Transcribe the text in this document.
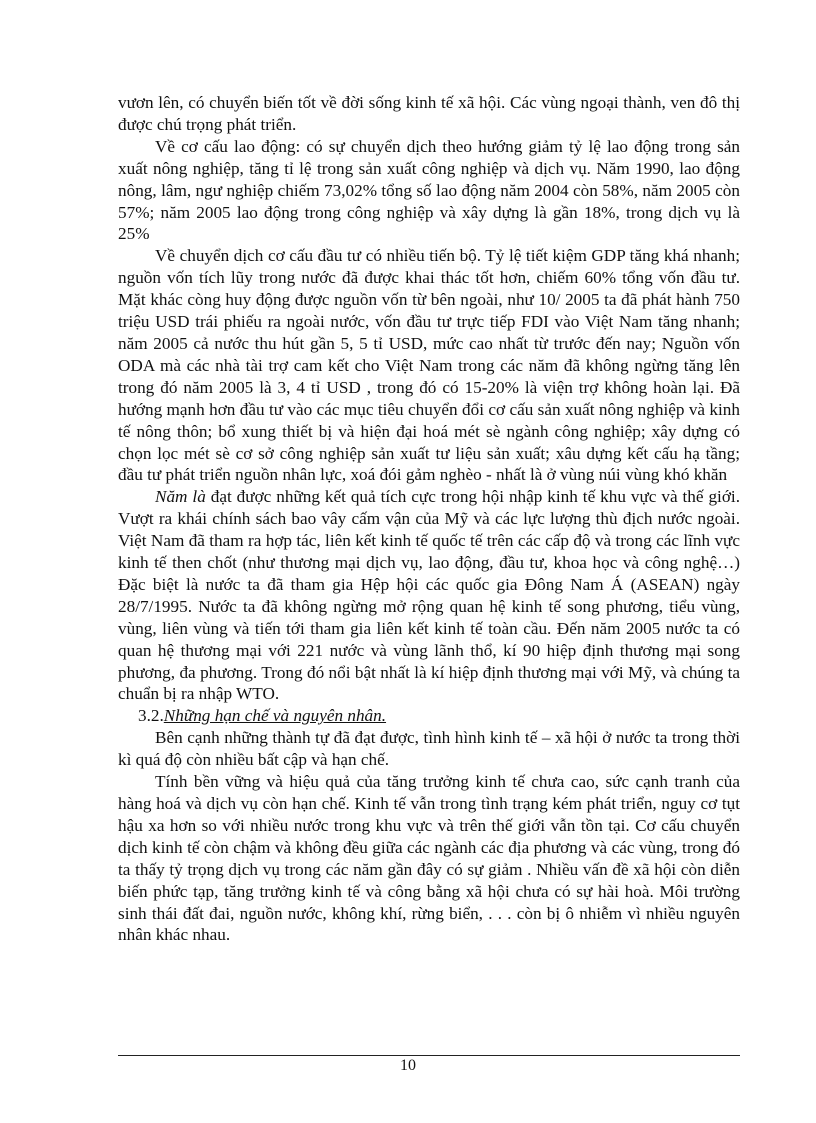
vươn lên, có chuyển biến tốt về đời sống kinh tế xã hội. Các vùng ngoại thành, ven đô thị được chú trọng phát triển.

Về cơ cấu lao động: có sự chuyển dịch theo hướng giảm tỷ lệ lao động trong sản xuất nông nghiệp, tăng tỉ lệ trong sản xuất công nghiệp và dịch vụ. Năm 1990, lao động nông, lâm, ngư nghiệp chiếm 73,02% tổng số lao động năm 2004 còn 58%, năm 2005 còn 57%; năm 2005 lao động trong công nghiệp và xây dựng là gần 18%, trong dịch vụ là 25%

Về chuyển dịch cơ cấu đầu tư có nhiều tiến bộ. Tỷ lệ tiết kiệm GDP tăng khá nhanh; nguồn vốn tích lũy trong nước đã được khai thác tốt hơn, chiếm 60% tổng vốn đầu tư. Mặt khác còng huy động được nguồn vốn từ bên ngoài, như 10/ 2005 ta đã phát hành 750 triệu USD trái phiếu ra ngoài nước, vốn đầu tư trực tiếp FDI vào Việt Nam tăng nhanh; năm 2005 cả nước thu hút gần 5, 5 tỉ USD, mức cao nhất từ trước đến nay; Nguồn vốn ODA mà các nhà tài trợ cam kết cho Việt Nam trong các năm đã không ngừng tăng lên trong đó năm 2005 là 3, 4 tỉ USD , trong đó có 15-20% là viện trợ không hoàn lại. Đã hướng mạnh hơn đầu tư vào các mục tiêu chuyển đổi cơ cấu sản xuất nông nghiệp và kinh tế nông thôn; bổ xung thiết bị và hiện đại hoá mét sè ngành công nghiệp; xây dựng có chọn lọc mét sè cơ sở công nghiệp sản xuất tư liệu sản xuất; xâu dựng kết cấu hạ tầng; đầu tư phát triển nguồn nhân lực, xoá đói gảm nghèo - nhất là ở vùng núi vùng khó khăn

Năm là đạt được những kết quả tích cực trong hội nhập kinh tế khu vực và thế giới. Vượt ra khái chính sách bao vây cấm vận của Mỹ và các lực lượng thù địch nước ngoài. Việt Nam đã tham ra hợp tác, liên kết kinh tế quốc tế trên các cấp độ và trong các lĩnh vực kinh tế then chốt (như thương mại dịch vụ, lao động, đầu tư, khoa học và công nghệ…) Đặc biệt là nước ta đã tham gia Hệp hội các quốc gia Đông Nam Á (ASEAN) ngày 28/7/1995. Nước ta đã không ngừng mở rộng quan hệ kinh tế song phương, tiểu vùng, vùng, liên vùng và tiến tới tham gia liên kết kinh tế toàn cầu. Đến năm 2005 nước ta có quan hệ thương mại với 221 nước và vùng lãnh thổ, kí 90 hiệp định thương mại song phương, đa phương. Trong đó nổi bật nhất là kí hiệp định thương mại với Mỹ, và chúng ta chuẩn bị ra nhập WTO.

3.2.Những hạn chế và nguyên nhân.

Bên cạnh những thành tự đã đạt được, tình hình kinh tế – xã hội ở nước ta trong thời kì quá độ còn nhiều bất cập và hạn chế.

Tính bền vững và hiệu quả của tăng trưởng kinh tế chưa cao, sức cạnh tranh của hàng hoá và dịch vụ còn hạn chế. Kinh tế vẫn trong tình trạng kém phát triển, nguy cơ tụt hậu xa hơn so với nhiều nước trong khu vực và trên thế giới vẫn tồn tại. Cơ cấu chuyển dịch kinh tế còn chậm và không đều giữa các ngành các địa phương và các vùng, trong đó ta thấy tỷ trọng dịch vụ trong các năm gần đây có sự giảm . Nhiều vấn đề xã hội còn diễn biến phức tạp, tăng trưởng kinh tế và công bằng xã hội chưa có sự hài hoà. Môi trường sinh thái đất đai, nguồn nước, không khí, rừng biển, . . . còn bị ô nhiễm vì nhiều nguyên nhân khác nhau.

10
